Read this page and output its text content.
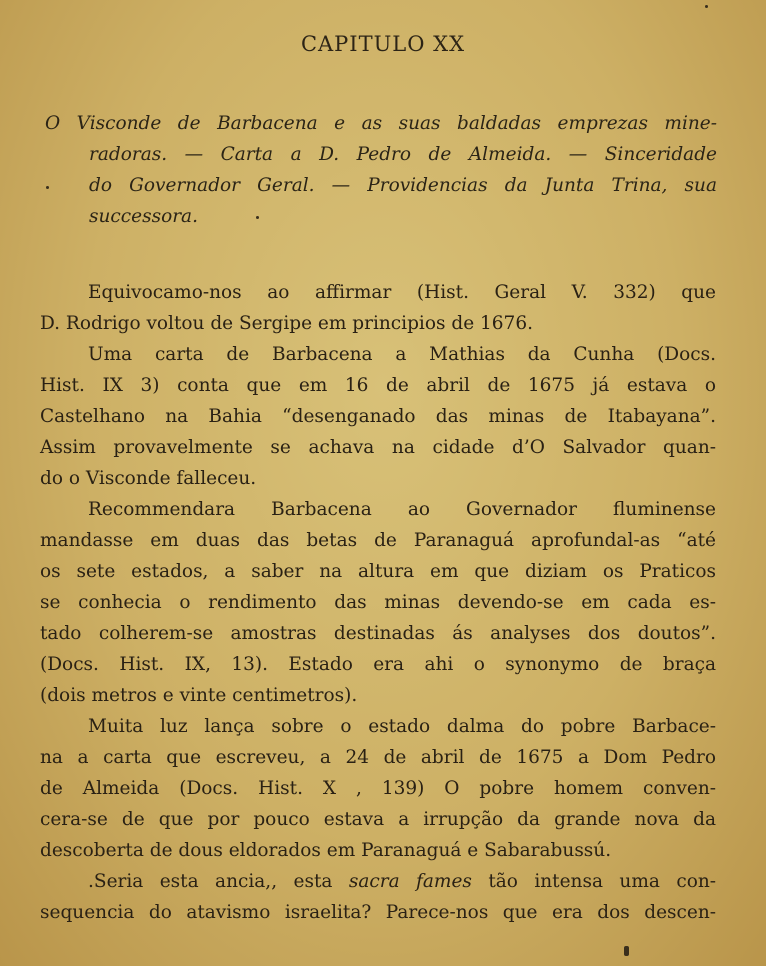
CAPITULO XX
O Visconde de Barbacena e as suas baldadas emprezas mine-
radoras. — Carta a D. Pedro de Almeida. — Sinceridade
do Governador Geral. — Providencias da Junta Trina, sua
successora.
Equivocamo-nos ao affirmar (Hist. Geral V. 332) que
D. Rodrigo voltou de Sergipe em principios de 1676.
Uma carta de Barbacena a Mathias da Cunha (Docs.
Hist. IX 3) conta que em 16 de abril de 1675 já estava o
Castelhano na Bahia “desenganado das minas de Itabayana”.
Assim provavelmente se achava na cidade d’O Salvador quan-
do o Visconde falleceu.
Recommendara Barbacena ao Governador fluminense
mandasse em duas das betas de Paranaguá aprofundal-as “até
os sete estados, a saber na altura em que diziam os Praticos
se conhecia o rendimento das minas devendo-se em cada es-
tado colherem-se amostras destinadas ás analyses dos doutos”.
(Docs. Hist. IX, 13). Estado era ahi o synonymo de braça
(dois metros e vinte centimetros).
Muita luz lança sobre o estado dalma do pobre Barbace-
na a carta que escreveu, a 24 de abril de 1675 a Dom Pedro
de Almeida (Docs. Hist. X , 139) O pobre homem conven-
cera-se de que por pouco estava a irrupção da grande nova da
descoberta de dous eldorados em Paranaguá e Sabarabussú.
.Seria esta ancia,, esta sacra fames tão intensa uma con-
sequencia do atavismo israelita? Parece-nos que era dos descen-
